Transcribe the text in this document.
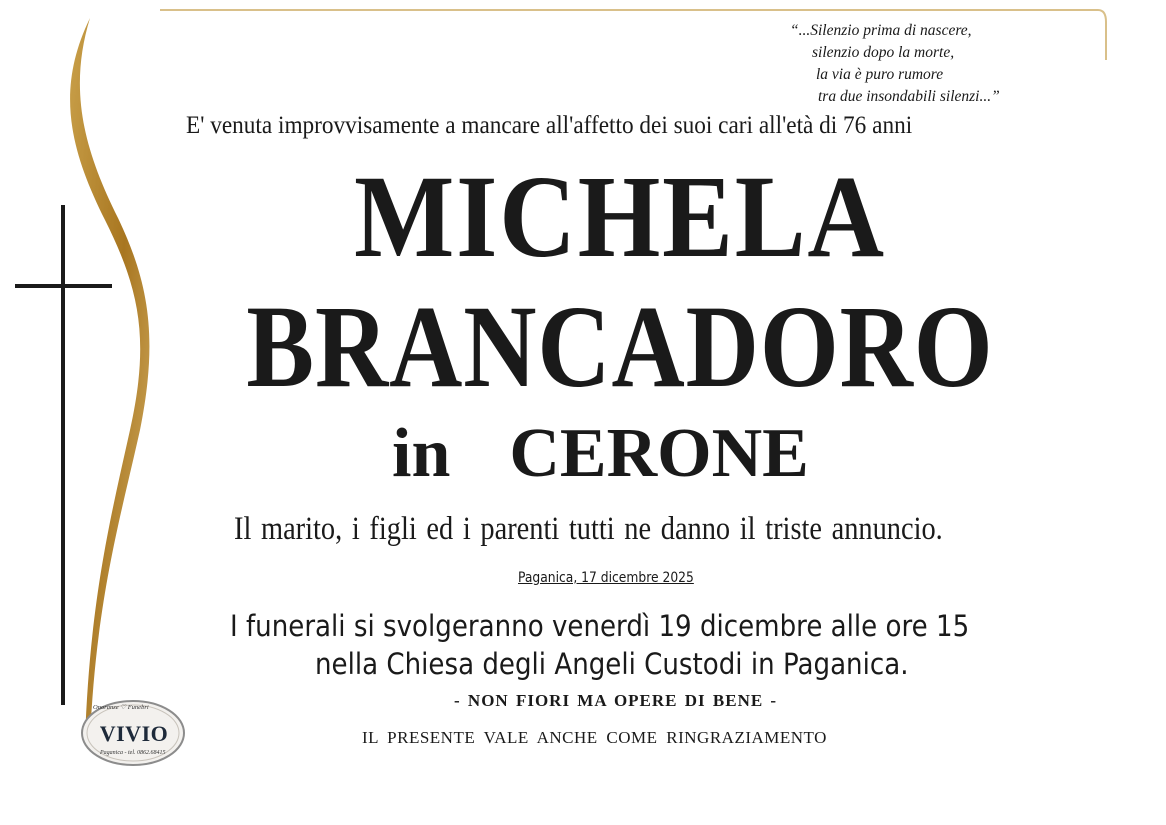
“...Silenzio prima di nascere,
silenzio dopo la morte,
la via è puro rumore
tra due insondabili silenzi...”
E' venuta improvvisamente a mancare all'affetto dei suoi cari all'età di 76 anni
MICHELA
BRANCADORO
in  CERONE
Il marito, i figli ed i parenti tutti ne danno il triste annuncio.
Paganica, 17 dicembre 2025
I funerali si svolgeranno venerdì 19 dicembre alle ore 15
nella Chiesa degli Angeli Custodi in Paganica.
- NON FIORI MA OPERE DI BENE -
IL PRESENTE VALE ANCHE COME RINGRAZIAMENTO
Onoranze ♡ Funebri
VIVIO
Paganica - tel. 0862.68415
